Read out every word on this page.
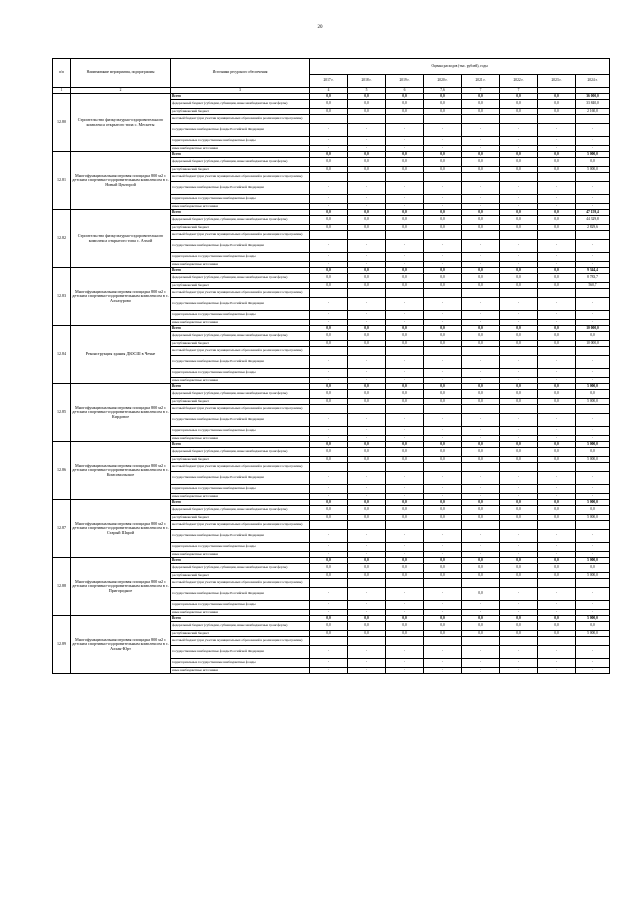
20
п/п	Наименование мероприятия, подпрограммы	Источники ресурсного обеспечения	Оценка расходов (тыс. рублей), годы							
			2017 г.	2018 г.	2019 г.	2020 г.	2021 г.	2022 г.	2023 г.	2024 г.
1	2	3	4	5	6	7,6	7	7		
12.80	Строительство физкультурно-оздоровительного комплекса открытого типа с. Мескеты	Всего	0,0	0,0	0,0	0,0	0,0	0,0	0,0	36 000,0
		федеральный бюджет (субсидии, субвенции, иные межбюджетные трансферты)	0,0	0,0	0,0	0,0	0,0	0,0	0,0	33 840,0
		республиканский бюджет	0,0	0,0	0,0	0,0	0,0	0,0	0,0	2 160,0
		местный бюджет (при участии муниципальных образований в реализации госпрограммы)								
		государственные внебюджетные фонды Российской Федерации	-	-	-	-	-	-	-	-
		территориальные государственные внебюджетные фонды	-	-	-	-	-	-	-	-
		иные внебюджетные источники	-	-	-	-	-	-	-	-
12.81	Многофункциональная игровая площадка 800 м2 с детским спортивно-оздоровительным комплексом в с. Новый Центорой	Всего	0,0	0,0	0,0	0,0	0,0	0,0	0,0	5 000,0
		федеральный бюджет (субсидии, субвенции, иные межбюджетные трансферты)	0,0	0,0	0,0	0,0	0,0	0,0	0,0	0,0
		республиканский бюджет	0,0	0,0	0,0	0,0	0,0	0,0	0,0	5 000,0
		местный бюджет (при участии муниципальных образований в реализации госпрограммы)								
		государственные внебюджетные фонды Российской Федерации	-	-	-	-	-	-	-	-
		территориальные государственные внебюджетные фонды	-	-	-	-	-	-	-	-
		иные внебюджетные источники	-	-	-	-	-	-	-	-
12.82	Строительство физкультурно-оздоровительного комплекса открытого типа с. Ачхой	Всего	0,0	0,0	0,0	0,0	0,0	0,0	0,0	47 159,4
		федеральный бюджет (субсидии, субвенции, иные межбюджетные трансферты)	0,0	0,0	0,0	0,0	0,0	0,0	0,0	44 329,8
		республиканский бюджет	0,0	0,0	0,0	0,0	0,0	0,0	0,0	2 829,6
		местный бюджет (при участии муниципальных образований в реализации госпрограммы)								
		государственные внебюджетные фонды Российской Федерации	-	-	-	-	-	-	-	-
		территориальные государственные внебюджетные фонды	-	-	-	-	-	-	-	-
		иные внебюджетные источники	-	-	-	-	-	-	-	-
12.83	Многофункциональная игровая площадка 800 м2 с детским спортивно-оздоровительным комплексом в с. Алхазурово	Всего	0,0	0,0	0,0	0,0	0,0	0,0	0,0	9 344,4
		федеральный бюджет (субсидии, субвенции, иные межбюджетные трансферты)	0,0	0,0	0,0	0,0	0,0	0,0	0,0	8 783,7
		республиканский бюджет	0,0	0,0	0,0	0,0	0,0	0,0	0,0	560,7
		местный бюджет (при участии муниципальных образований в реализации госпрограммы)								
		государственные внебюджетные фонды Российской Федерации	-	-	-	-	-	-	-	-
		территориальные государственные внебюджетные фонды	-	-	-	-	-	-	-	-
		иные внебюджетные источники	-	-	-	-	-	-	-	-
12.84	Реконструкция здания ДЮСШ в Чечне	Всего	0,0	0,0	0,0	0,0	0,0	0,0	0,0	10 000,0
		федеральный бюджет (субсидии, субвенции, иные межбюджетные трансферты)	0,0	0,0	0,0	0,0	0,0	0,0	0,0	0,0
		республиканский бюджет	0,0	0,0	0,0	0,0	0,0	0,0	0,0	10 000,0
		местный бюджет (при участии муниципальных образований в реализации госпрограммы)								
		государственные внебюджетные фонды Российской Федерации	-	-	-	-	-	-	-	-
		территориальные государственные внебюджетные фонды	-	-	-	-	-	-	-	-
		иные внебюджетные источники	-	-	-	-	-	-	-	-
12.85	Многофункциональная игровая площадка 800 м2 с детским спортивно-оздоровительным комплексом в с. Кирдовое	Всего	0,0	0,0	0,0	0,0	0,0	0,0	0,0	5 000,0
		федеральный бюджет (субсидии, субвенции, иные межбюджетные трансферты)	0,0	0,0	0,0	0,0	0,0	0,0	0,0	0,0
		республиканский бюджет	0,0	0,0	0,0	0,0	0,0	0,0	0,0	5 000,0
		местный бюджет (при участии муниципальных образований в реализации госпрограммы)								
		государственные внебюджетные фонды Российской Федерации	-	-	-	-	-	-	-	-
		территориальные государственные внебюджетные фонды	-	-	-	-	-	-	-	-
		иные внебюджетные источники	-	-	-	-	-	-	-	-
12.86	Многофункциональная игровая площадка 800 м2 с детским спортивно-оздоровительным комплексом в с. Комсомольское	Всего	0,0	0,0	0,0	0,0	0,0	0,0	0,0	5 000,0
		федеральный бюджет (субсидии, субвенции, иные межбюджетные трансферты)	0,0	0,0	0,0	0,0	0,0	0,0	0,0	0,0
		республиканский бюджет	0,0	0,0	0,0	0,0	0,0	0,0	0,0	5 000,0
		местный бюджет (при участии муниципальных образований в реализации госпрограммы)								
		государственные внебюджетные фонды Российской Федерации	-	-	-	-	-	-	-	-
		территориальные государственные внебюджетные фонды	-	-	-	-	-	-	-	-
		иные внебюджетные источники	-	-	-	-	-	-	-	-
12.87	Многофункциональная игровая площадка 800 м2 с детским спортивно-оздоровительным комплексом в с. Старый Шарой	Всего	0,0	0,0	0,0	0,0	0,0	0,0	0,0	5 000,0
		федеральный бюджет (субсидии, субвенции, иные межбюджетные трансферты)	0,0	0,0	0,0	0,0	0,0	0,0	0,0	0,0
		республиканский бюджет	0,0	0,0	0,0	0,0	0,0	0,0	0,0	5 000,0
		местный бюджет (при участии муниципальных образований в реализации госпрограммы)								
		государственные внебюджетные фонды Российской Федерации	-	-	-	-	-	-	-	-
		территориальные государственные внебюджетные фонды	-	-	-	-	-	-	-	-
		иные внебюджетные источники	-	-	-	-	-	-	-	-
12.88	Многофункциональная игровая площадка 800 м2 с детским спортивно-оздоровительным комплексом в с. Пригородное	Всего	0,0	0,0	0,0	0,0	0,0	0,0	0,0	5 000,0
		федеральный бюджет (субсидии, субвенции, иные межбюджетные трансферты)	0,0	0,0	0,0	0,0	0,0	0,0	0,0	0,0
		республиканский бюджет	0,0	0,0	0,0	0,0	0,0	0,0	0,0	5 000,0
		местный бюджет (при участии муниципальных образований в реализации госпрограммы)								
		государственные внебюджетные фонды Российской Федерации	-	-	-	-	0,0	-	-	-
		территориальные государственные внебюджетные фонды	-	-	-	-	-	-	-	-
		иные внебюджетные источники	-	-	-	-	-	-	-	-
12.89	Многофункциональная игровая площадка 800 м2 с детским спортивно-оздоровительным комплексом в с. Алхан-Юрт	Всего	0,0	0,0	0,0	0,0	0,0	0,0	0,0	5 000,0
		федеральный бюджет (субсидии, субвенции, иные межбюджетные трансферты)	0,0	0,0	0,0	0,0	0,0	0,0	0,0	0,0
		республиканский бюджет	0,0	0,0	0,0	0,0	0,0	0,0	0,0	5 000,0
		местный бюджет (при участии муниципальных образований в реализации госпрограммы)								
		государственные внебюджетные фонды Российской Федерации	-	-	-	-	-	-	-	-
		территориальные государственные внебюджетные фонды	-	-	-	-	-	-	-	-
		иные внебюджетные источники	-	-	-	-	-	-	-	-
